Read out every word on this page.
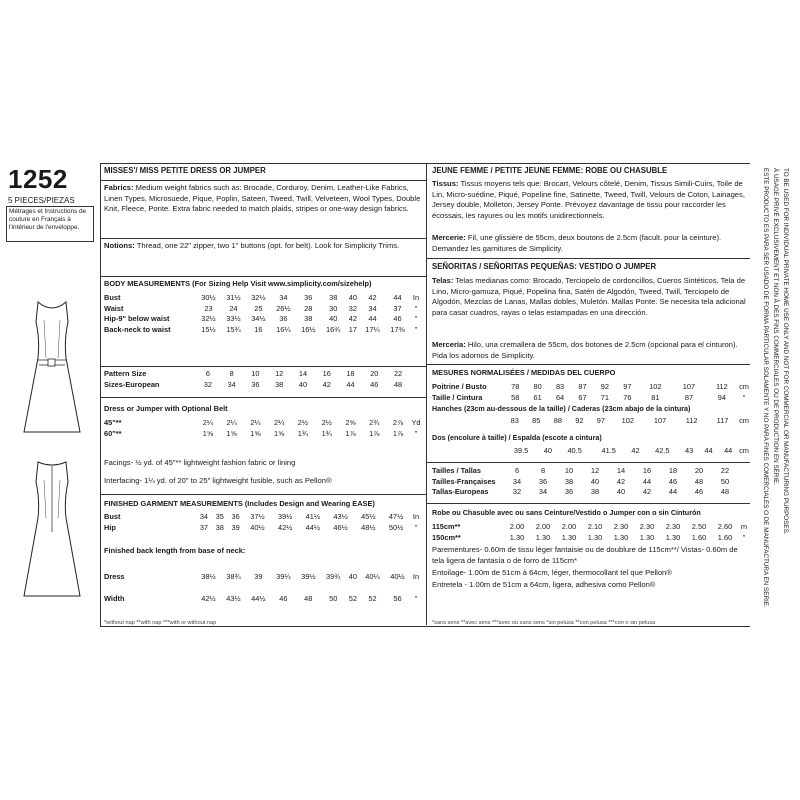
1252
5 PIECES/PIEZAS
Métrages et Instructions de couture en Français à l'intérieur de l'enveloppe.
MISSES'/ MISS PETITE DRESS OR JUMPER
Fabrics: Medium weight fabrics such as: Brocade, Corduroy, Denim, Leather-Like Fabrics, Linen Types, Microsuede, Pique, Poplin, Sateen, Tweed, Twill, Velveteen, Wool Types, Double Knit, Fleece, Ponte. Extra fabric needed to match plaids, stripes or one-way design fabrics.
Notions: Thread, one 22" zipper, two 1" buttons (opt. for belt). Look for Simplicity Trims.
BODY MEASUREMENTS (For Sizing Help Visit www.simplicity.com/sizehelp)
Bust	30½	31½	32½	34	36	38	40	42	44	In
Waist	23	24	25	26½	28	30	32	34	37	"
Hip-9" below waist	32½	33½	34½	36	38	40	42	44	46	"
Back-neck to waist	15½	15¾	16	16¼	16½	16¾	17	17¼	17⅜	"
Pattern Size	6	8	10	12	14	16	18	20	22	
Sizes-European	32	34	36	38	40	42	44	46	48	
Dress or Jumper with Optional Belt
45"**	2¼	2¼	2¼	2¼	2½	2½	2⅝	2¾	2⅞	Yd
60"**	1⅝	1⅝	1⅝	1⅝	1¾	1¾	1⅞	1⅞	1⅞	"
Facings- ½ yd. of 45"** lightweight fashion fabric or lining
Interfacing- 1¼ yd. of 20" to 25" lightweight fusible, such as Pellon®
FINISHED GARMENT MEASUREMENTS (Includes Design and Wearing EASE)
Bust	34	35	36	37½	39½	41½	43½	45½	47½	In
Hip	37	38	39	40½	42½	44½	46½	48½	50½	"
Finished back length from base of neck:
Dress	38½	38¾	39	39¼	39½	39¾	40	40¼	40½	In
Width	42½	43½	44½	46	48	50	52	52	56	"
*without nap **with nap ***with or without nap
JEUNE FEMME / PETITE JEUNE FEMME: ROBE OU CHASUBLE
Tissus: Tissus moyens tels que: Brocart, Velours côtelé, Denim, Tissus Simili-Cuirs, Toile de Lin, Micro-suédine, Piqué, Popeline fine, Satinette, Tweed, Twill, Velours de Coton, Lainages, Jersey double, Molleton, Jersey Ponte. Prévoyez davantage de tissu pour raccorder les écossais, les rayures ou les motifs unidirectionnels.
Mercerie: Fil, une glissière de 55cm, deux boutons de 2.5cm (facult. pour la ceinture). Demandez les garnitures de Simplicity.
SEÑORITAS / SEÑORITAS PEQUEÑAS: VESTIDO O JUMPER
Telas: Telas medianas como: Brocado, Terciopelo de cordoncillos, Cueros Sintéticos, Tela de Lino, Micro-gamuza, Piqué, Popelina fina, Satén de Algodón, Tweed, Twill, Terciopelo de Algodón, Mezclas de Lanas, Mallas dobles, Muletón. Mallas Ponte. Se necesita tela adicional para casar cuadros, rayas o telas estampadas en una dirección.
Mercería: Hilo, una cremallera de 55cm, dos botones de 2.5cm (opcional para el cinturon). Pida los adornos de Simplicity.
MESURES NORMALISÉES / MEDIDAS DEL CUERPO
Poitrine / Busto	78	80	83	87	92	97	102	107	112	cm
Taille / Cintura	58	61	64	67	71	76	81	87	94	"
Hanches (23cm au-dessous de la taille) / Caderas (23cm abajo de la cintura)
	83	85	88	92	97	102	107	112	117	cm
Dos (encolure à taille) / Espalda (escote a cintura)
	39.5	40	40.5	41.5	42	42.5	43	44	44	cm
Tailles / Tallas	6	8	10	12	14	16	18	20	22	
Tailles-Françaises	34	36	38	40	42	44	46	48	50	
Tallas-Europeas	32	34	36	38	40	42	44	46	48	
Robe ou Chasuble avec ou sans Ceinture/Vestido o Jumper con o sin Cinturón
115cm**	2.00	2.00	2.00	2.10	2.30	2.30	2.30	2.50	2.60	m
150cm**	1.30	1.30	1.30	1.30	1.30	1.30	1.30	1.60	1.60	"
Parementures- 0.60m de tissu léger fantaisie ou de doublure de 115cm**/ Vistas- 0.60m de tela ligera de fantasía o de forro de 115cm*
Entoilage- 1.00m de 51cm à 64cm, léger, thermocollant tel que Pellon®
Entretela - 1.00m de 51cm a 64cm, ligera, adhesiva como Pellon®
*sans sens **avec sens ***avec ou sans sens *sin pelusa **con pelusa ***con o sin pelusa
TO BE USED FOR INDIVIDUAL PRIVATE HOME USE ONLY AND NOT FOR COMMERCIAL OR MANUFACTURING PURPOSES.
À USAGE PRIVÉ EXCLUSIVEMENT ET NON À DES FINS COMMERCIALES OU DE PRODUCTION EN SÉRIE.
ESTE PRODUCTO ES PARA SER USADO DE FORMA PARTICULAR SOLAMENTE Y NO PARA FINES COMERCIALES O DE MANUFACTURA EN SERIE.
